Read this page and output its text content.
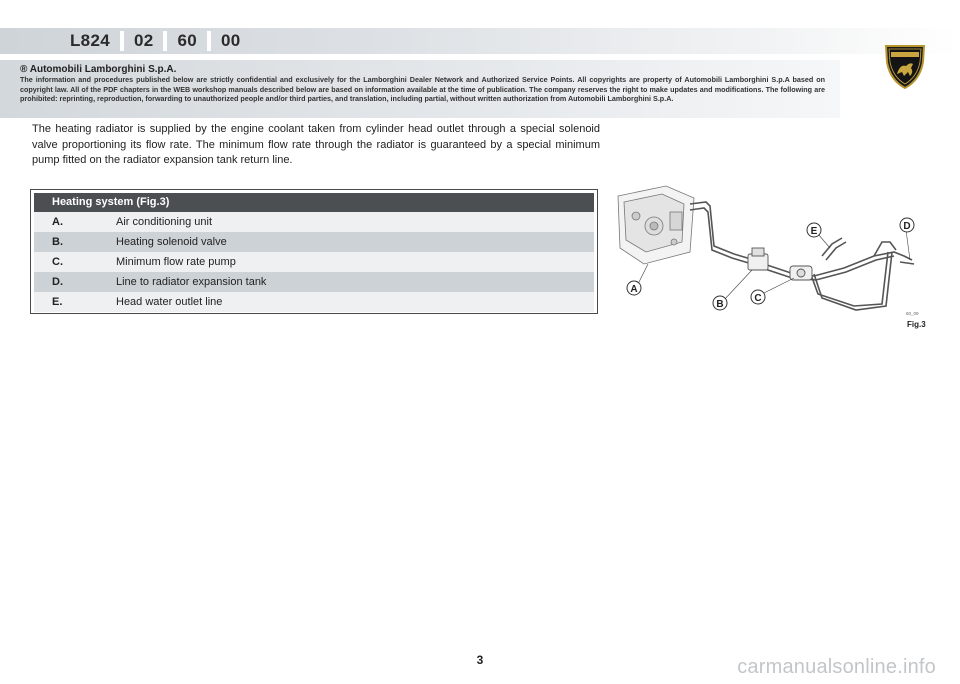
L824	02	60	00
® Automobili Lamborghini S.p.A.
The information and procedures published below are strictly confidential and exclusively for the Lamborghini Dealer Network and Authorized Service Points. All copyrights are property of Automobili Lamborghini S.p.A based on copyright law. All of the PDF chapters in the WEB workshop manuals described below are based on information available at the time of publication. The company reserves the right to make updates and modifications. The following are prohibited: reprinting, reproduction, forwarding to unauthorized people and/or third parties, and translation, including partial, without written authorization from Automobili Lamborghini S.p.A.

The heating radiator is supplied by the engine coolant taken from cylinder head outlet through a special solenoid valve proportioning its flow rate. The minimum flow rate through the radiator is guaranteed by a special minimum pump fitted on the radiator expansion tank return line.

Heating system (Fig.3)
A.	Air conditioning unit
B.	Heating solenoid valve
C.	Minimum flow rate pump
D.	Line to radiator expansion tank
E.	Head water outlet line
A
B
C
D
E
60_09
Fig.3
3	carmanualsonline.info
